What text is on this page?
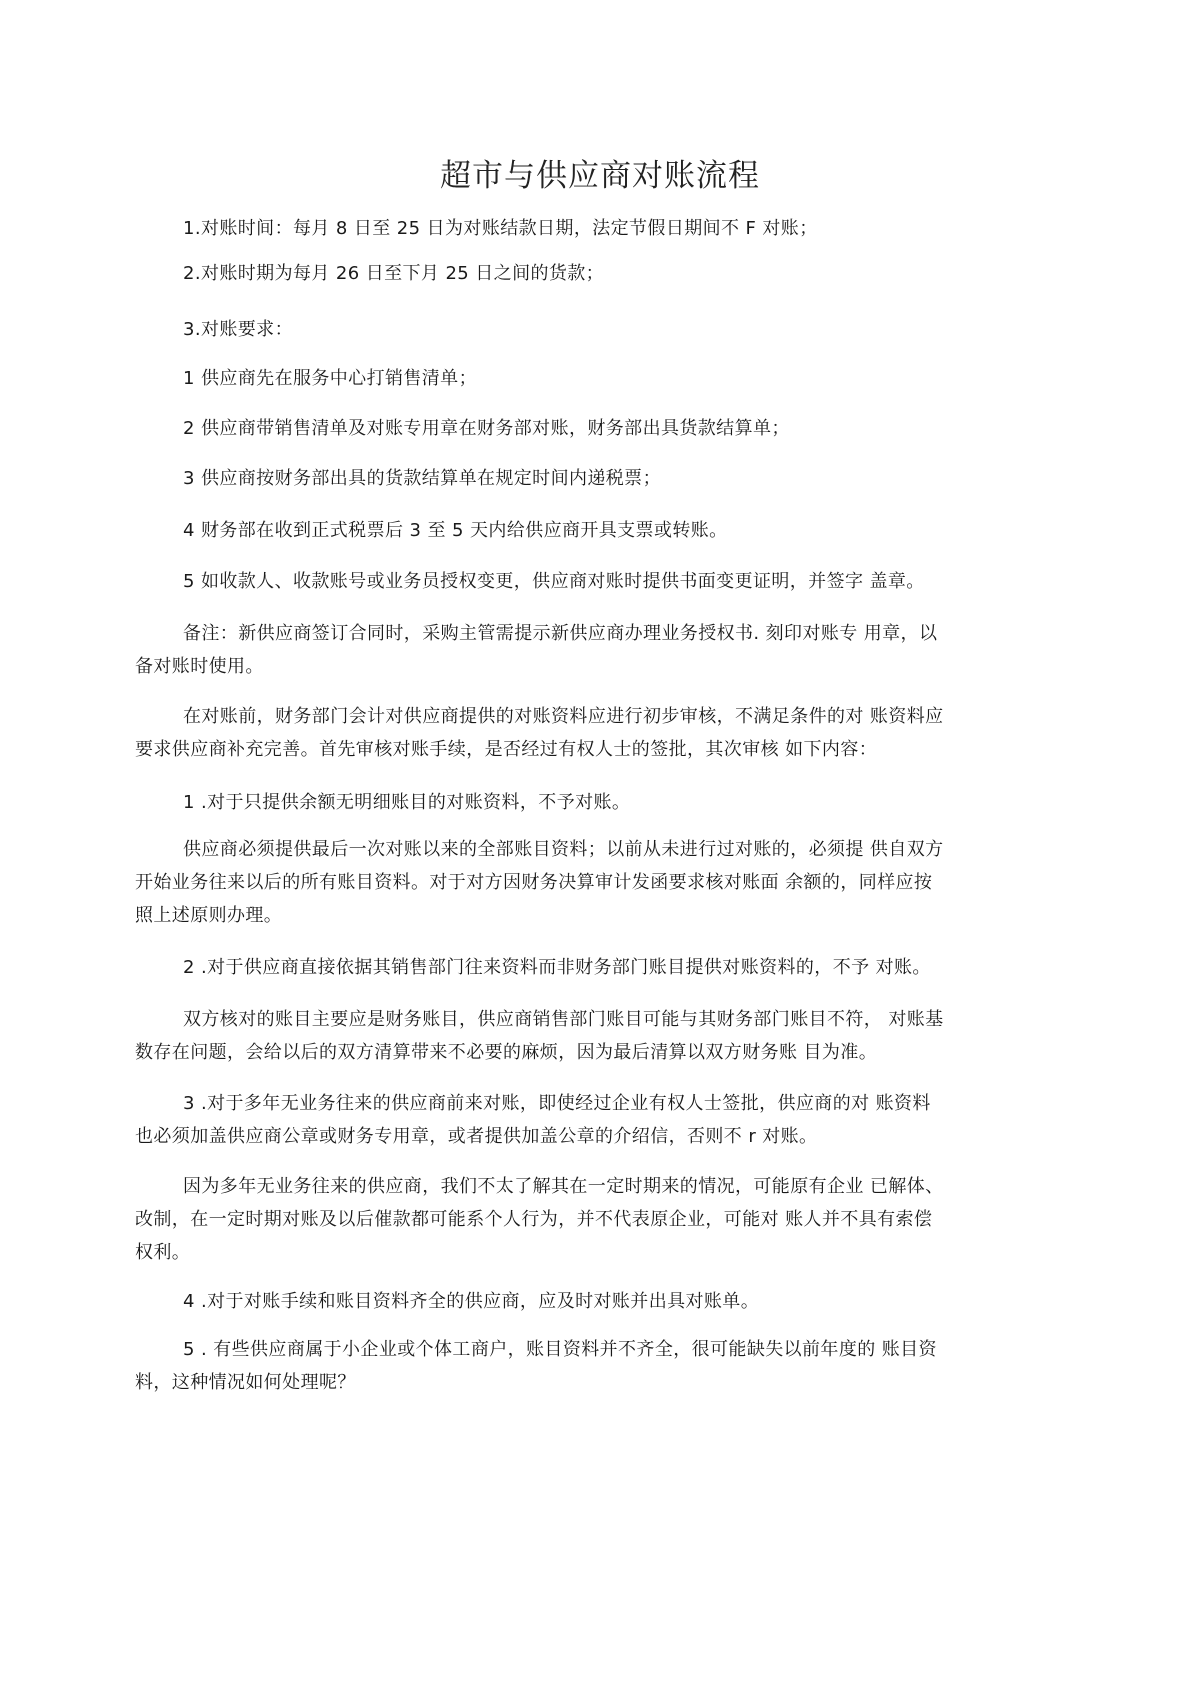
超市与供应商对账流程

1.对账时间：每月 8 日至 25 日为对账结款日期，法定节假日期间不 F 对账；

2.对账时期为每月 26 日至下月 25 日之间的货款；

3.对账要求：

1 供应商先在服务中心打销售清单；

2 供应商带销售清单及对账专用章在财务部对账，财务部出具货款结算单；

3 供应商按财务部出具的货款结算单在规定时间内递税票；

4 财务部在收到正式税票后 3 至 5 天内给供应商开具支票或转账。

5 如收款人、收款账号或业务员授权变更，供应商对账时提供书面变更证明，并签字 盖章。

备注：新供应商签订合同时，采购主管需提示新供应商办理业务授权书. 刻印对账专 用章，以
备对账时使用。
在对账前，财务部门会计对供应商提供的对账资料应进行初步审核，不满足条件的对 账资料应
要求供应商补充完善。首先审核对账手续，是否经过有权人士的签批，其次审核 如下内容：

1 .对于只提供余额无明细账目的对账资料，不予对账。

供应商必须提供最后一次对账以来的全部账目资料；以前从未进行过对账的，必须提 供自双方
开始业务往来以后的所有账目资料。对于对方因财务决算审计发函要求核对账面 余额的，同样应按
照上述原则办理。

2 .对于供应商直接依据其销售部门往来资料而非财务部门账目提供对账资料的，不予 对账。

双方核对的账目主要应是财务账目，供应商销售部门账目可能与其财务部门账目不符， 对账基
数存在问题，会给以后的双方清算带来不必要的麻烦，因为最后清算以双方财务账 目为准。
3 .对于多年无业务往来的供应商前来对账，即使经过企业有权人士签批，供应商的对 账资料
也必须加盖供应商公章或财务专用章，或者提供加盖公章的介绍信，否则不 r 对账。
因为多年无业务往来的供应商，我们不太了解其在一定时期来的情况，可能原有企业 已解体、
改制，在一定时期对账及以后催款都可能系个人行为，并不代表原企业，可能对 账人并不具有索偿
权利。

4 .对于对账手续和账目资料齐全的供应商，应及时对账并出具对账单。

5 . 有些供应商属于小企业或个体工商户，账目资料并不齐全，很可能缺失以前年度的 账目资
料，这种情况如何处理呢？
